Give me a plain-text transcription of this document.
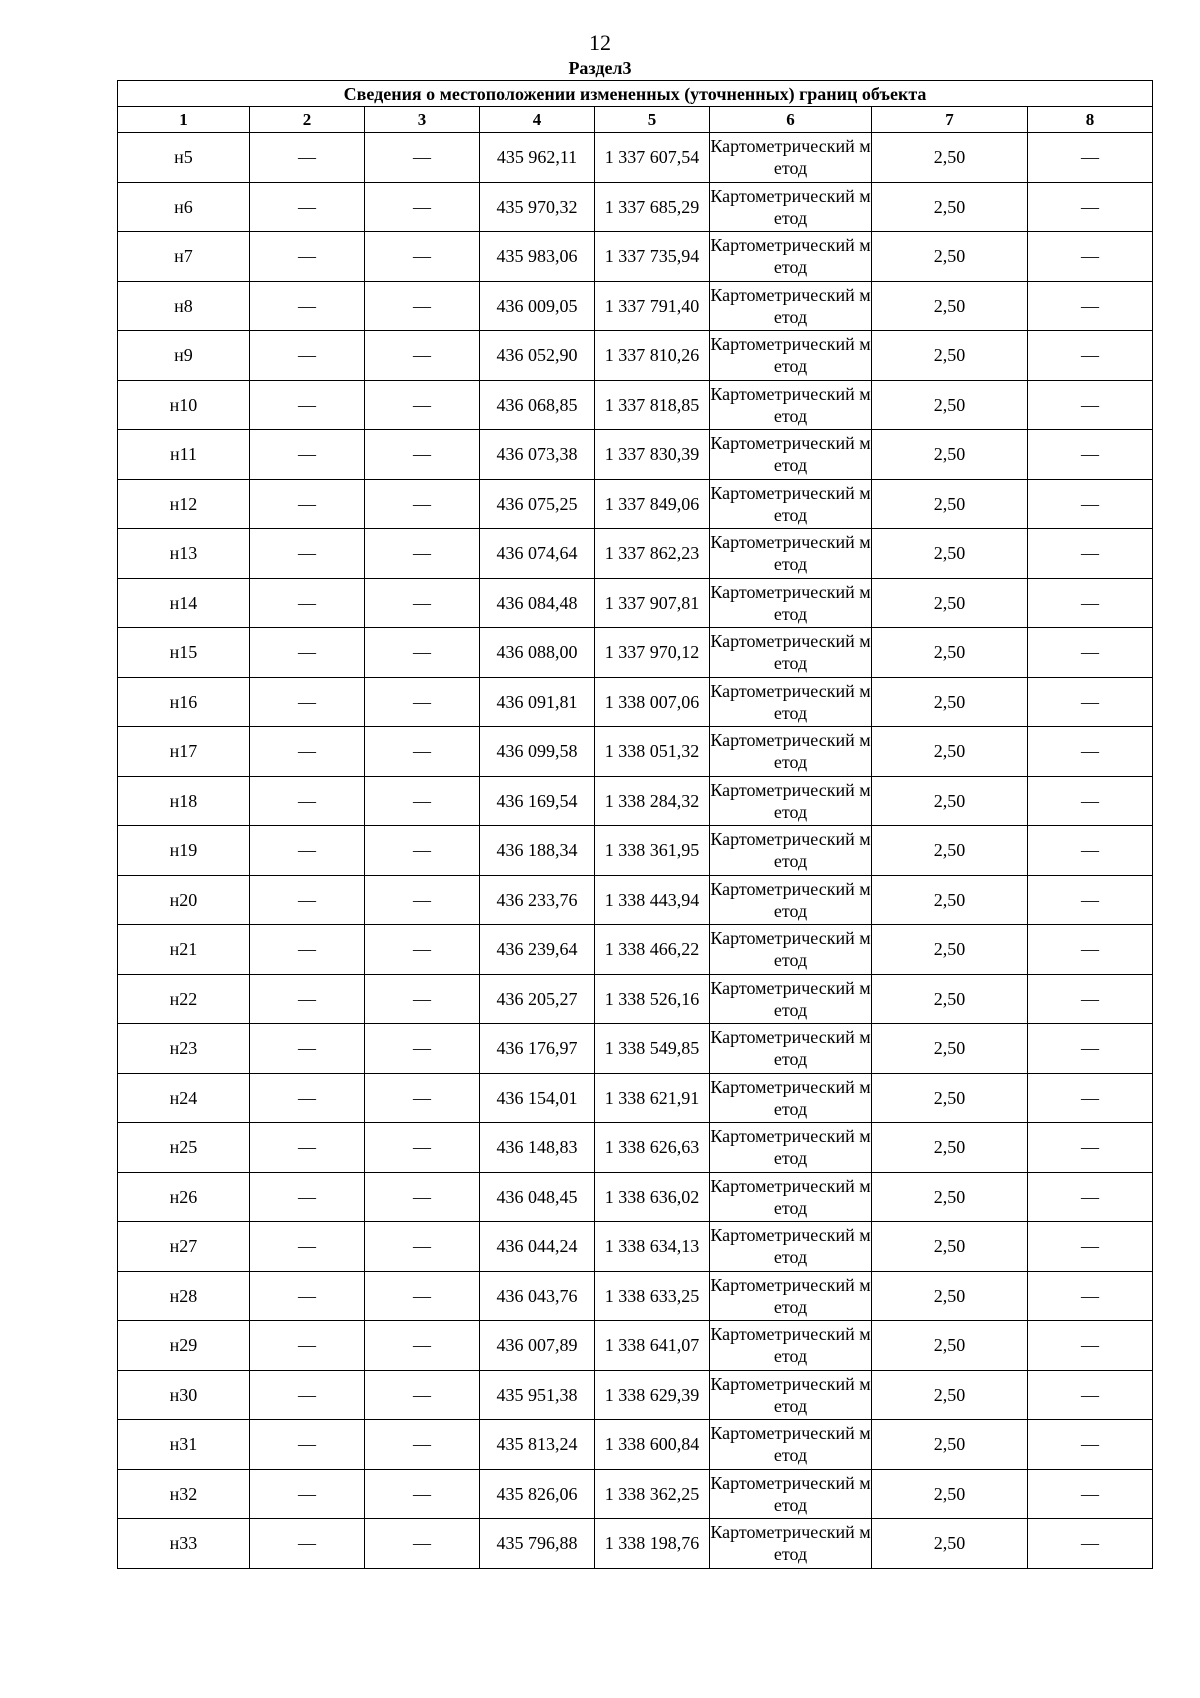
12
Раздел3
Сведения о местоположении измененных (уточненных) границ объекта							
1	2	3	4	5	6	7	8
н5	—	—	435 962,11	1 337 607,54	Картометрический метод	2,50	—
н6	—	—	435 970,32	1 337 685,29	Картометрический метод	2,50	—
н7	—	—	435 983,06	1 337 735,94	Картометрический метод	2,50	—
н8	—	—	436 009,05	1 337 791,40	Картометрический метод	2,50	—
н9	—	—	436 052,90	1 337 810,26	Картометрический метод	2,50	—
н10	—	—	436 068,85	1 337 818,85	Картометрический метод	2,50	—
н11	—	—	436 073,38	1 337 830,39	Картометрический метод	2,50	—
н12	—	—	436 075,25	1 337 849,06	Картометрический метод	2,50	—
н13	—	—	436 074,64	1 337 862,23	Картометрический метод	2,50	—
н14	—	—	436 084,48	1 337 907,81	Картометрический метод	2,50	—
н15	—	—	436 088,00	1 337 970,12	Картометрический метод	2,50	—
н16	—	—	436 091,81	1 338 007,06	Картометрический метод	2,50	—
н17	—	—	436 099,58	1 338 051,32	Картометрический метод	2,50	—
н18	—	—	436 169,54	1 338 284,32	Картометрический метод	2,50	—
н19	—	—	436 188,34	1 338 361,95	Картометрический метод	2,50	—
н20	—	—	436 233,76	1 338 443,94	Картометрический метод	2,50	—
н21	—	—	436 239,64	1 338 466,22	Картометрический метод	2,50	—
н22	—	—	436 205,27	1 338 526,16	Картометрический метод	2,50	—
н23	—	—	436 176,97	1 338 549,85	Картометрический метод	2,50	—
н24	—	—	436 154,01	1 338 621,91	Картометрический метод	2,50	—
н25	—	—	436 148,83	1 338 626,63	Картометрический метод	2,50	—
н26	—	—	436 048,45	1 338 636,02	Картометрический метод	2,50	—
н27	—	—	436 044,24	1 338 634,13	Картометрический метод	2,50	—
н28	—	—	436 043,76	1 338 633,25	Картометрический метод	2,50	—
н29	—	—	436 007,89	1 338 641,07	Картометрический метод	2,50	—
н30	—	—	435 951,38	1 338 629,39	Картометрический метод	2,50	—
н31	—	—	435 813,24	1 338 600,84	Картометрический метод	2,50	—
н32	—	—	435 826,06	1 338 362,25	Картометрический метод	2,50	—
н33	—	—	435 796,88	1 338 198,76	Картометрический метод	2,50	—
